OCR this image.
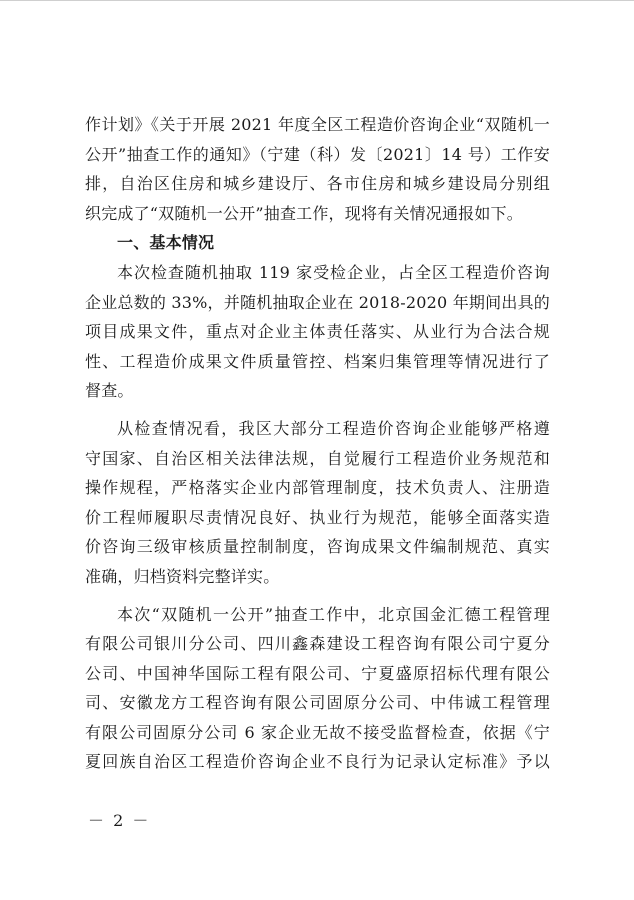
作计划》《关于开展 2021 年度全区工程造价咨询企业“双随机一
公开”抽查工作的通知》（宁建（科）发〔2021〕14 号）工作安
排，自治区住房和城乡建设厅、各市住房和城乡建设局分别组
织完成了“双随机一公开”抽查工作，现将有关情况通报如下。
一、基本情况
本次检查随机抽取 119 家受检企业，占全区工程造价咨询
企业总数的 33%，并随机抽取企业在 2018-2020 年期间出具的
项目成果文件，重点对企业主体责任落实、从业行为合法合规
性、工程造价成果文件质量管控、档案归集管理等情况进行了
督查。
从检查情况看，我区大部分工程造价咨询企业能够严格遵
守国家、自治区相关法律法规，自觉履行工程造价业务规范和
操作规程，严格落实企业内部管理制度，技术负责人、注册造
价工程师履职尽责情况良好、执业行为规范，能够全面落实造
价咨询三级审核质量控制制度，咨询成果文件编制规范、真实
准确，归档资料完整详实。
本次“双随机一公开”抽查工作中，北京国金汇德工程管理
有限公司银川分公司、四川鑫森建设工程咨询有限公司宁夏分
公司、中国神华国际工程有限公司、宁夏盛原招标代理有限公
司、安徽龙方工程咨询有限公司固原分公司、中伟诚工程管理
有限公司固原分公司 6 家企业无故不接受监督检查，依据《宁
夏回族自治区工程造价咨询企业不良行为记录认定标准》予以
－ 2 －
